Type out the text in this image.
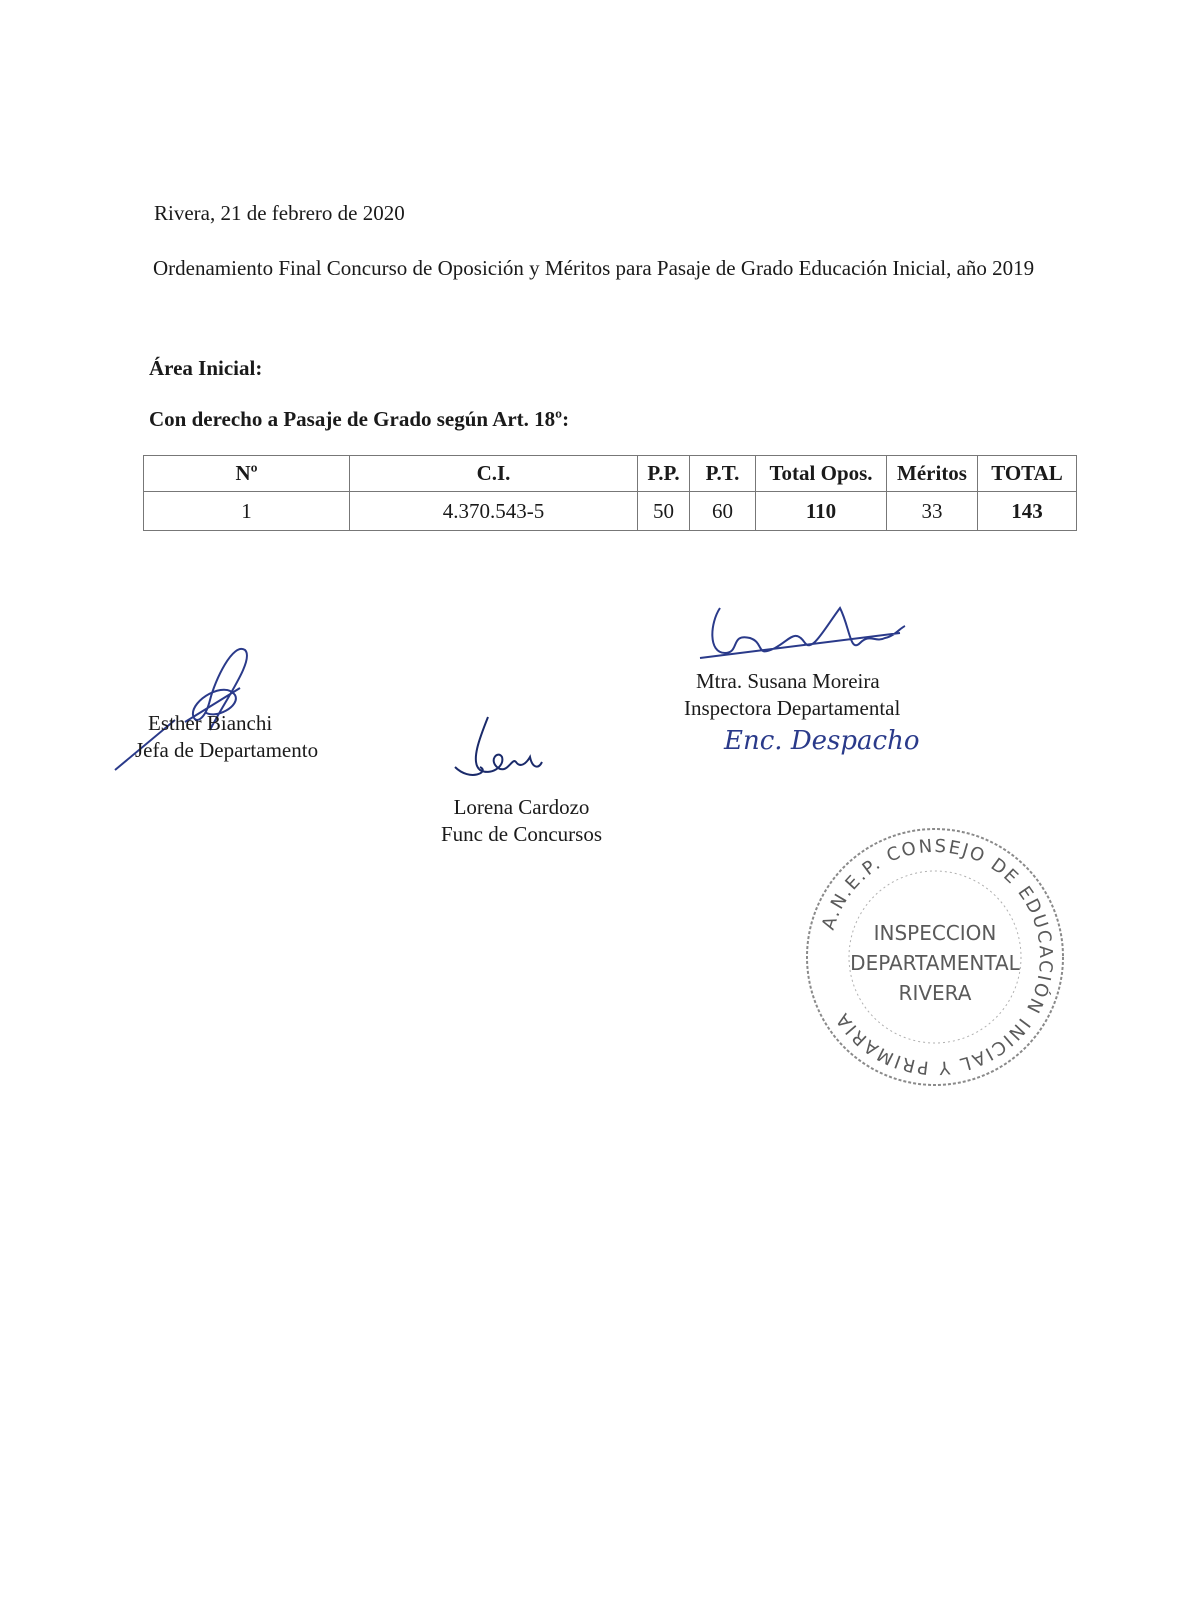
Rivera, 21 de febrero de 2020
Ordenamiento Final Concurso de Oposición y Méritos para Pasaje de Grado Educación Inicial, año 2019
Área Inicial:
Con derecho a Pasaje de Grado según Art. 18º:
Nº	C.I.	P.P.	P.T.	Total Opos.	Méritos	TOTAL
1	4.370.543-5	50	60	110	33	143
Esther Bianchi
Jefa de Departamento
Lorena Cardozo
Func de Concursos
Mtra. Susana Moreira
Inspectora Departamental
Enc. Despacho
A.N.E.P. CONSEJO DE EDUCACIÓN INICIAL Y PRIMARIA
INSPECCION
DEPARTAMENTAL
RIVERA
